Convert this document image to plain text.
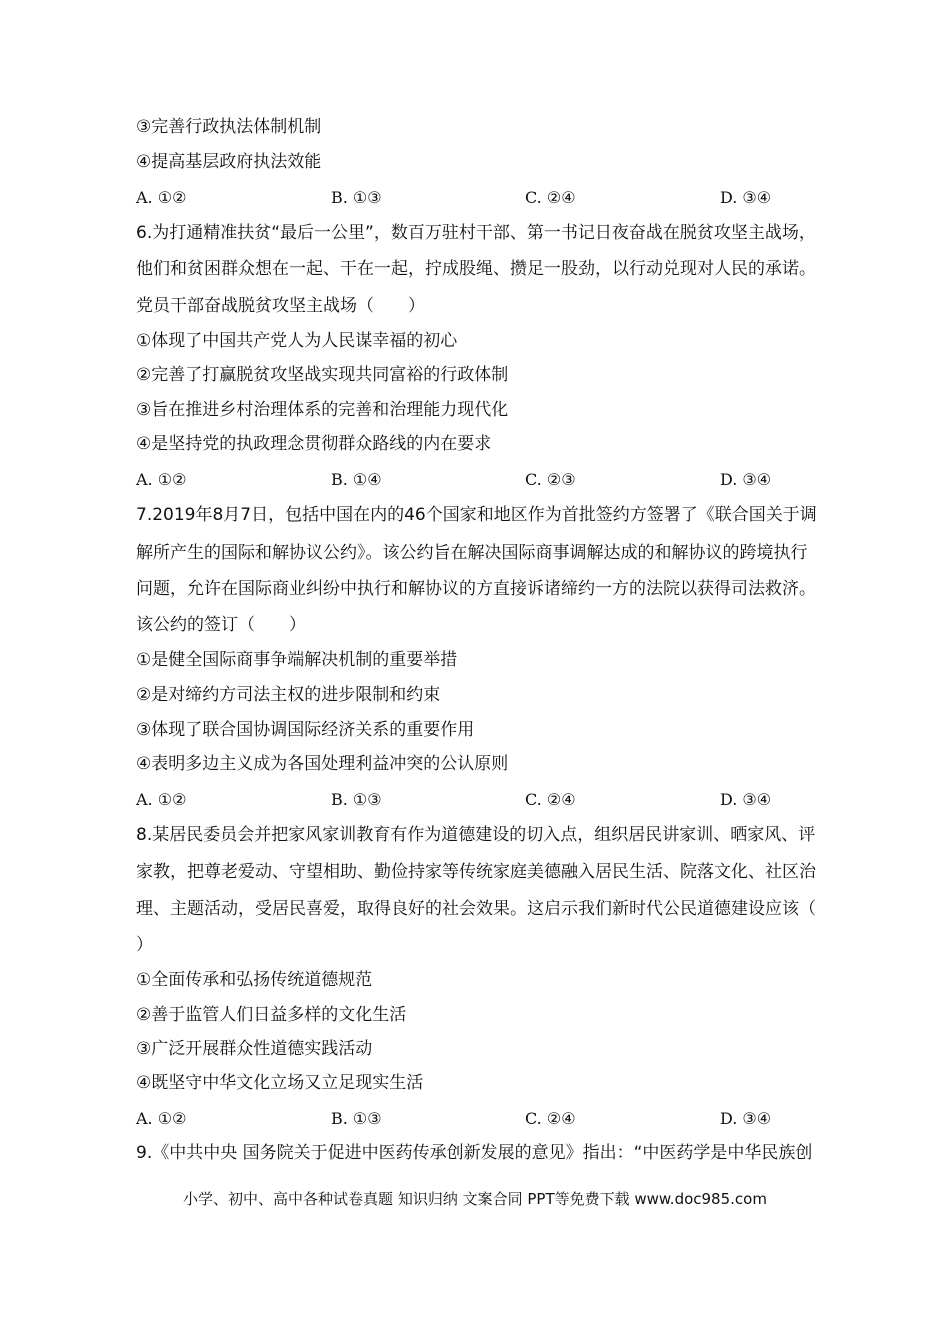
③完善行政执法体制机制
④提高基层政府执法效能
A. ①②	B. ①③	C. ②④	D. ③④
6.为打通精准扶贫“最后一公里”，数百万驻村干部、第一书记日夜奋战在脱贫攻坚主战场，
他们和贫困群众想在一起、干在一起，拧成股绳、攒足一股劲，以行动兑现对人民的承诺。
党员干部奋战脱贫攻坚主战场（　　）
①体现了中国共产党人为人民谋幸福的初心
②完善了打赢脱贫攻坚战实现共同富裕的行政体制
③旨在推进乡村治理体系的完善和治理能力现代化
④是坚持党的执政理念贯彻群众路线的内在要求
A. ①②	B. ①④	C. ②③	D. ③④
7.2019年8月7日，包括中国在内的46个国家和地区作为首批签约方签署了《联合国关于调
解所产生的国际和解协议公约》。该公约旨在解决国际商事调解达成的和解协议的跨境执行
问题，允许在国际商业纠纷中执行和解协议的方直接诉诸缔约一方的法院以获得司法救济。
该公约的签订（　　）
①是健全国际商事争端解决机制的重要举措
②是对缔约方司法主权的进步限制和约束
③体现了联合国协调国际经济关系的重要作用
④表明多边主义成为各国处理利益冲突的公认原则
A. ①②	B. ①③	C. ②④	D. ③④
8.某居民委员会并把家风家训教育有作为道德建设的切入点，组织居民讲家训、晒家风、评
家教，把尊老爱动、守望相助、勤俭持家等传统家庭美德融入居民生活、院落文化、社区治
理、主题活动，受居民喜爱，取得良好的社会效果。这启示我们新时代公民道德建设应该（
）
①全面传承和弘扬传统道德规范
②善于监管人们日益多样的文化生活
③广泛开展群众性道德实践活动
④既坚守中华文化立场又立足现实生活
A. ①②	B. ①③	C. ②④	D. ③④
9.《中共中央 国务院关于促进中医药传承创新发展的意见》指出：“中医药学是中华民族创
小学、初中、高中各种试卷真题 知识归纳 文案合同 PPT等免费下载 www.doc985.com
